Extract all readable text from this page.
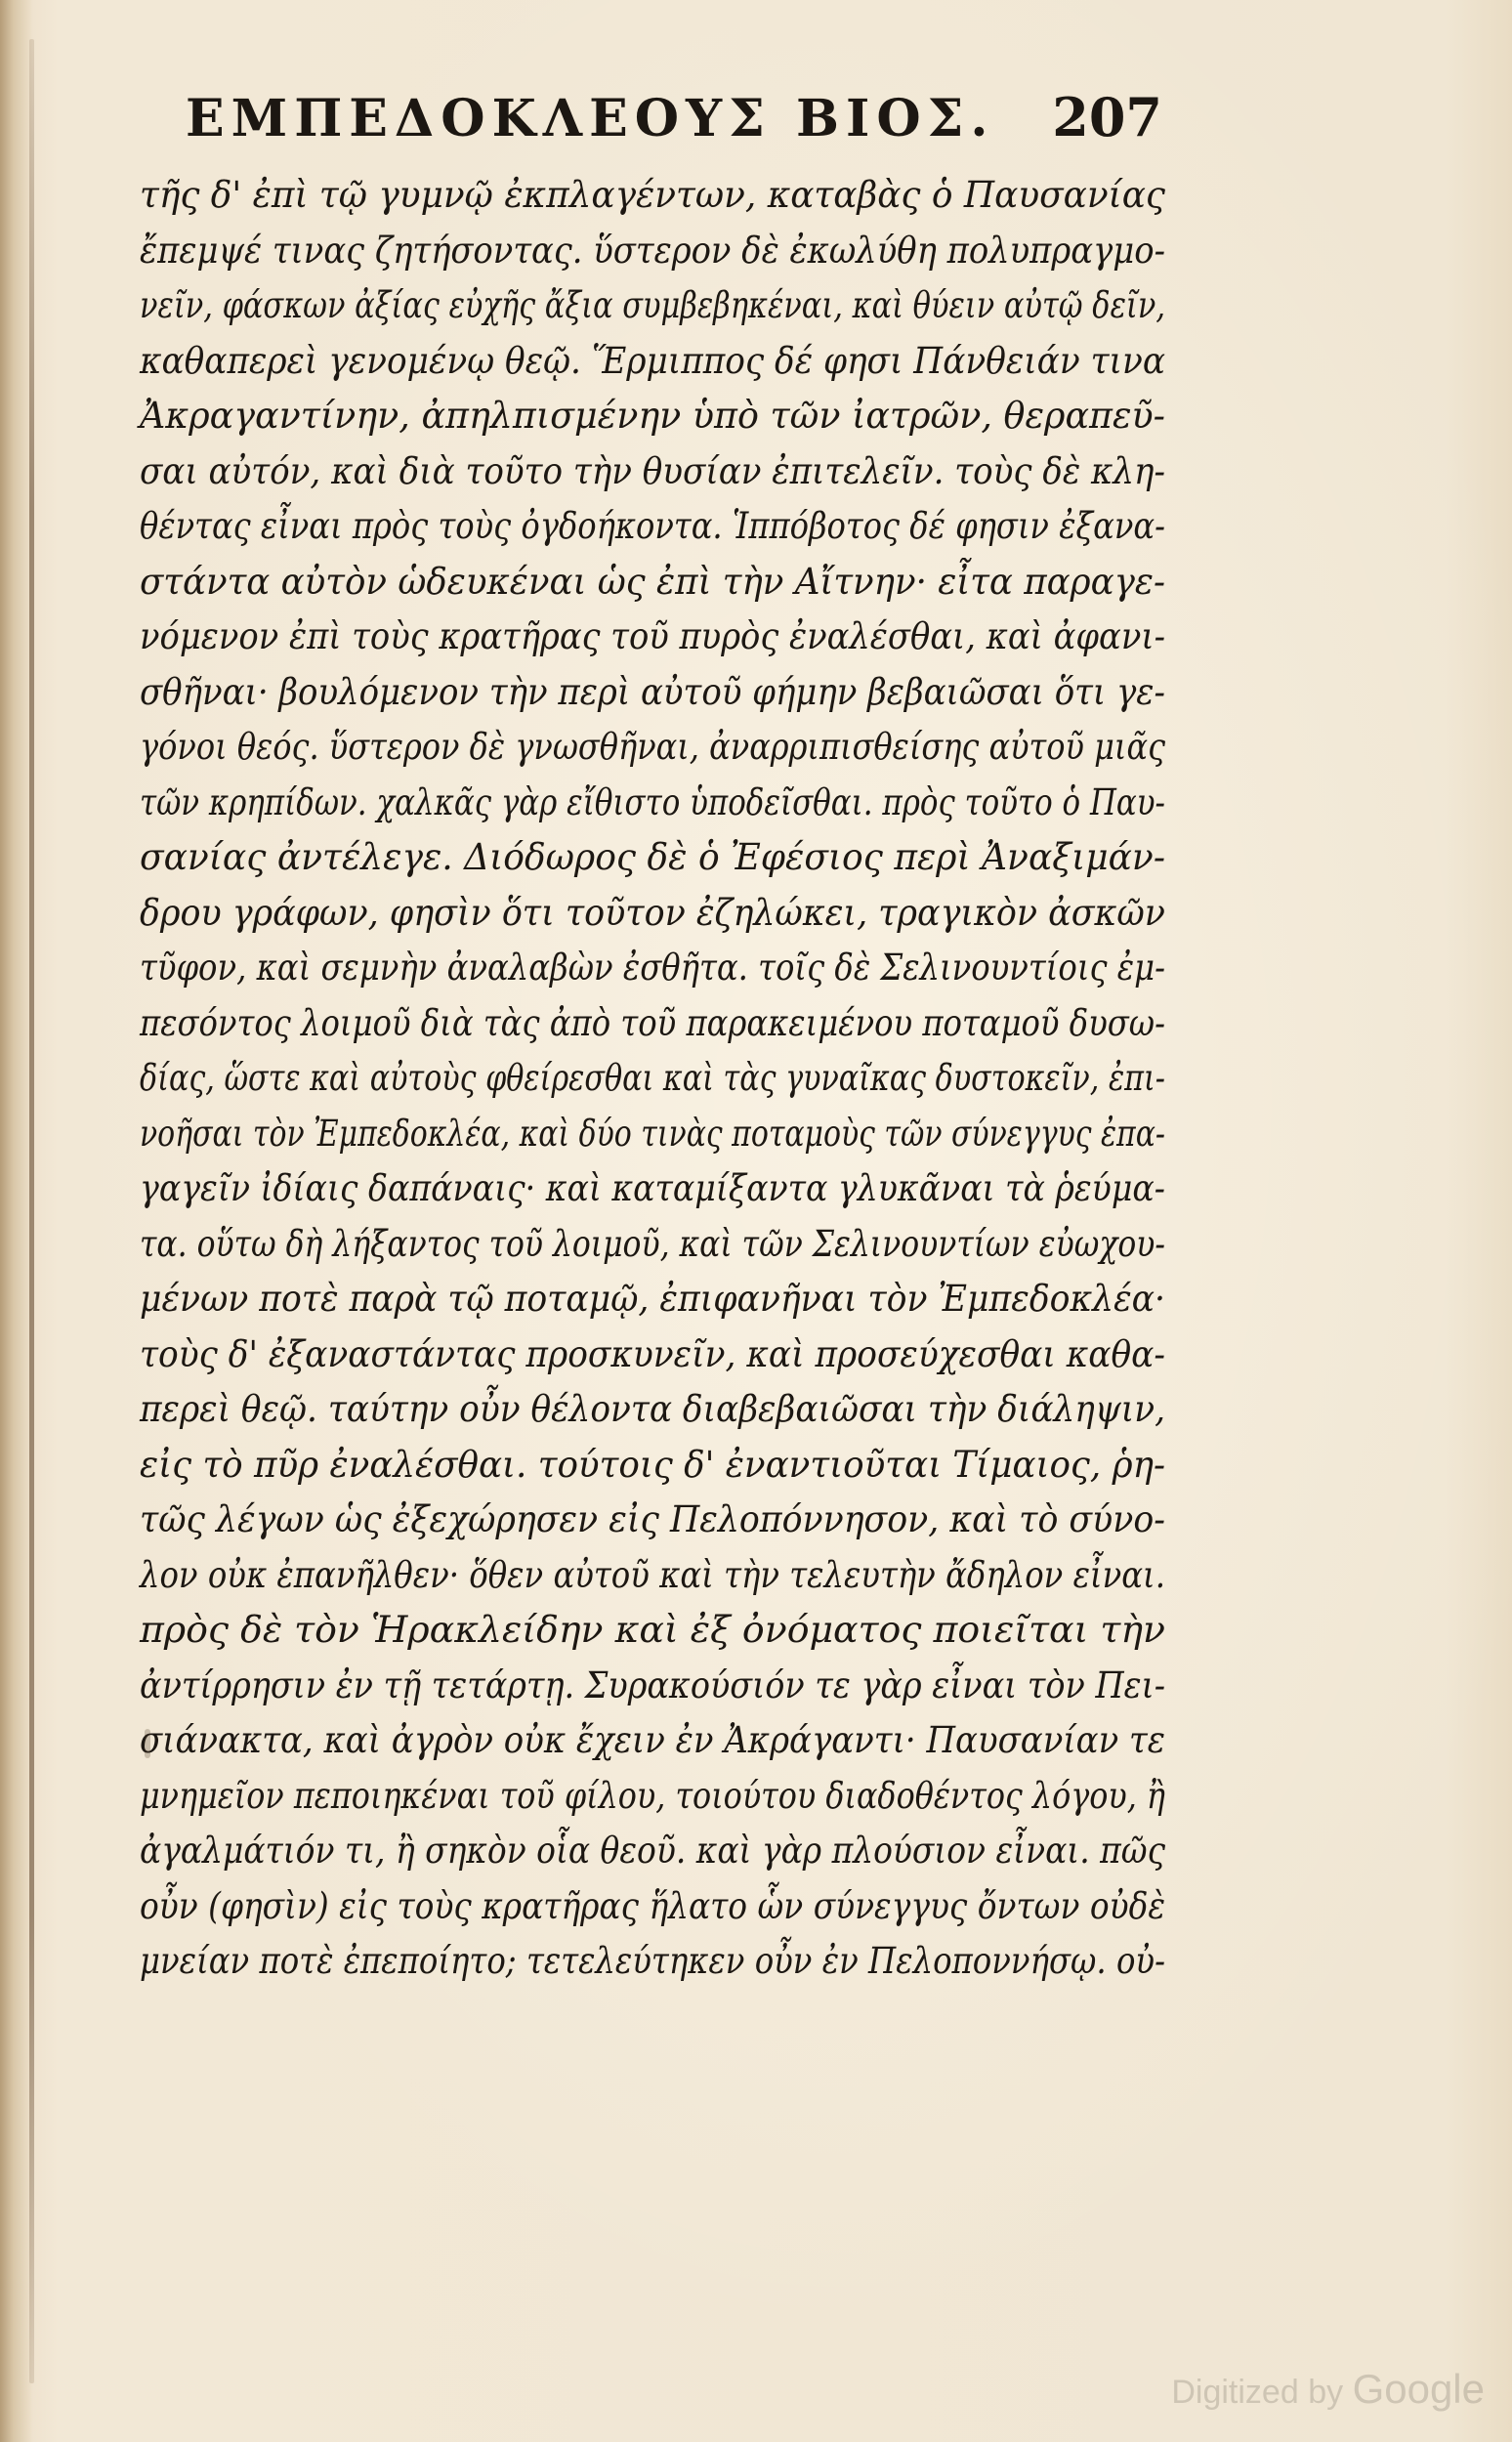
ΕΜΠΕΔΟΚΛΕΟΥΣ ΒΙΟΣ. 207
τῆς δ' ἐπὶ τῷ γυμνῷ ἐκπλαγέντων, καταβὰς ὁ Παυσανίας
ἔπεμψέ τινας ζητήσοντας. ὕστερον δὲ ἐκωλύθη πολυπραγμο-
νεῖν, φάσκων ἀξίας εὐχῆς ἄξια συμβεβηκέναι, καὶ θύειν αὐτῷ δεῖν,
καθαπερεὶ γενομένῳ θεῷ. Ἕρμιππος δέ φησι Πάνθειάν τινα
Ἀκραγαντίνην, ἀπηλπισμένην ὑπὸ τῶν ἰατρῶν, θεραπεῦ-
σαι αὐτόν, καὶ διὰ τοῦτο τὴν θυσίαν ἐπιτελεῖν. τοὺς δὲ κλη-
θέντας εἶναι πρὸς τοὺς ὀγδοήκοντα. Ἱππόβοτος δέ φησιν ἐξανα-
στάντα αὐτὸν ὡδευκέναι ὡς ἐπὶ τὴν Αἴτνην· εἶτα παραγε-
νόμενον ἐπὶ τοὺς κρατῆρας τοῦ πυρὸς ἐναλέσθαι, καὶ ἀφανι-
σθῆναι· βουλόμενον τὴν περὶ αὐτοῦ φήμην βεβαιῶσαι ὅτι γε-
γόνοι θεός. ὕστερον δὲ γνωσθῆναι, ἀναρριπισθείσης αὐτοῦ μιᾶς
τῶν κρηπίδων. χαλκᾶς γὰρ εἴθιστο ὑποδεῖσθαι. πρὸς τοῦτο ὁ Παυ-
σανίας ἀντέλεγε. Διόδωρος δὲ ὁ Ἐφέσιος περὶ Ἀναξιμάν-
δρου γράφων, φησὶν ὅτι τοῦτον ἐζηλώκει, τραγικὸν ἀσκῶν
τῦφον, καὶ σεμνὴν ἀναλαβὼν ἐσθῆτα. τοῖς δὲ Σελινουντίοις ἐμ-
πεσόντος λοιμοῦ διὰ τὰς ἀπὸ τοῦ παρακειμένου ποταμοῦ δυσω-
δίας, ὥστε καὶ αὐτοὺς φθείρεσθαι καὶ τὰς γυναῖκας δυστοκεῖν, ἐπι-
νοῆσαι τὸν Ἐμπεδοκλέα, καὶ δύο τινὰς ποταμοὺς τῶν σύνεγγυς ἐπα-
γαγεῖν ἰδίαις δαπάναις· καὶ καταμίξαντα γλυκᾶναι τὰ ῥεύμα-
τα. οὕτω δὴ λήξαντος τοῦ λοιμοῦ, καὶ τῶν Σελινουντίων εὐωχου-
μένων ποτὲ παρὰ τῷ ποταμῷ, ἐπιφανῆναι τὸν Ἐμπεδοκλέα·
τοὺς δ' ἐξαναστάντας προσκυνεῖν, καὶ προσεύχεσθαι καθα-
περεὶ θεῷ. ταύτην οὖν θέλοντα διαβεβαιῶσαι τὴν διάληψιν,
εἰς τὸ πῦρ ἐναλέσθαι. τούτοις δ' ἐναντιοῦται Τίμαιος, ῥη-
τῶς λέγων ὡς ἐξεχώρησεν εἰς Πελοπόννησον, καὶ τὸ σύνο-
λον οὐκ ἐπανῆλθεν· ὅθεν αὐτοῦ καὶ τὴν τελευτὴν ἄδηλον εἶναι.
πρὸς δὲ τὸν Ἡρακλείδην καὶ ἐξ ὀνόματος ποιεῖται τὴν
ἀντίρρησιν ἐν τῇ τετάρτῃ. Συρακούσιόν τε γὰρ εἶναι τὸν Πει-
σιάνακτα, καὶ ἀγρὸν οὐκ ἔχειν ἐν Ἀκράγαντι· Παυσανίαν τε
μνημεῖον πεποιηκέναι τοῦ φίλου, τοιούτου διαδοθέντος λόγου, ἢ
ἀγαλμάτιόν τι, ἢ σηκὸν οἷα θεοῦ. καὶ γὰρ πλούσιον εἶναι. πῶς
οὖν (φησὶν) εἰς τοὺς κρατῆρας ἥλατο ὧν σύνεγγυς ὄντων οὐδὲ
μνείαν ποτὲ ἐπεποίητο; τετελεύτηκεν οὖν ἐν Πελοποννήσῳ. οὐ-
Digitized by Google
